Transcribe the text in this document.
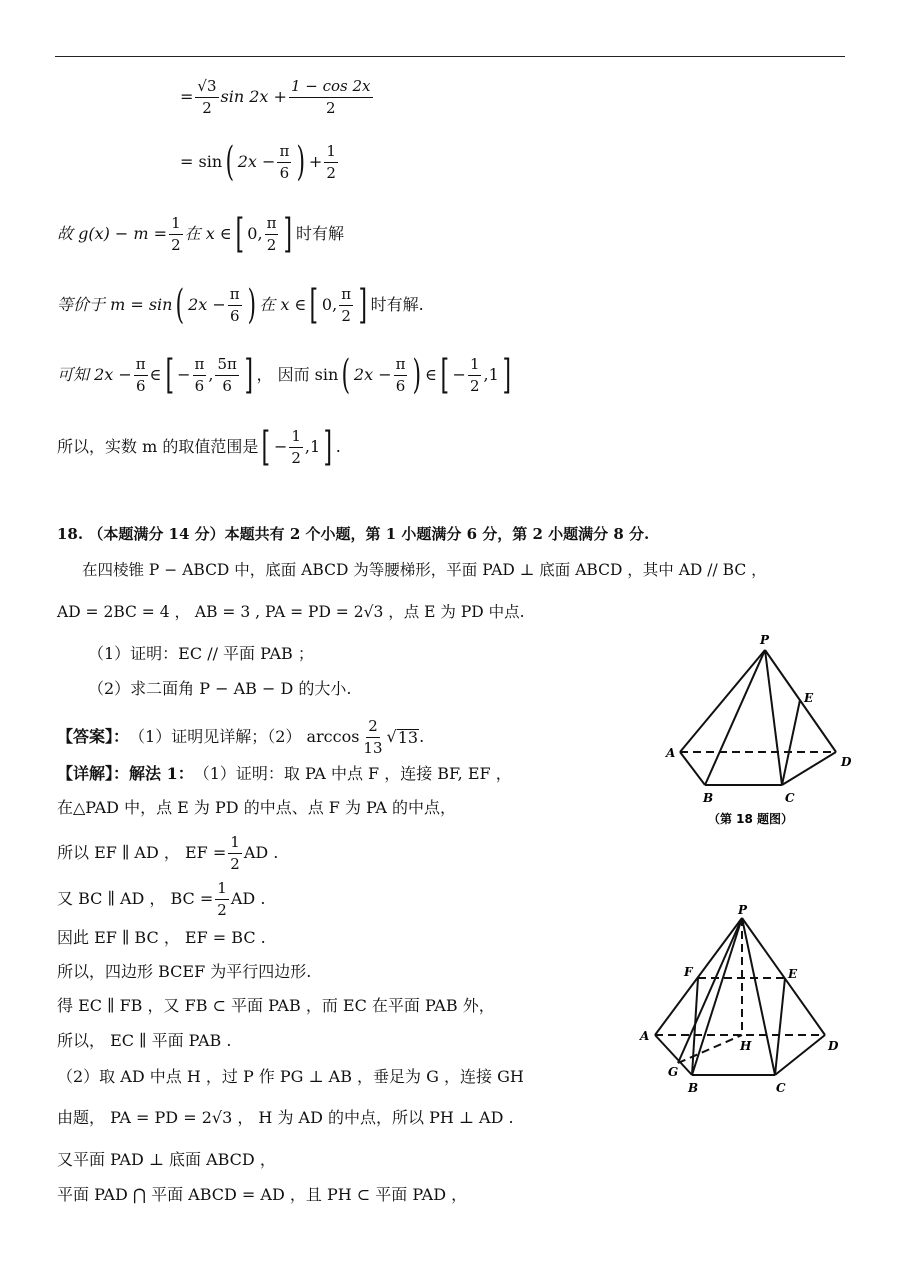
= $\frac{√3}{2}$ $\sin 2x + \frac{1 - \cos 2x}{2}$
= sin ( $2x - \frac{\pi}{6}$ ) + $\frac{1}{2}$
故 $g(x) - m = \frac{1}{2}$ 在 x ∈ [ 0, $\frac{\pi}{2}$ ] 时有解
等价于 m = sin ( $2x - \frac{\pi}{6}$ ) 在 x ∈ [ 0, $\frac{\pi}{2}$ ] 时有解.
可知 $2x - \frac{\pi}{6}$ ∈ [ − $\frac{\pi}{6}$ , $\frac{5\pi}{6}$ ] ， 因而 sin ( $2x - \frac{\pi}{6}$ ) ∈ [ − $\frac{1}{2} ,1$ ]
所以，实数 m 的取值范围是 [ − $\frac{1}{2} ,1$ ] .
18. （本题满分 14 分）本题共有 2 个小题，第 1 小题满分 6 分，第 2 小题满分 8 分.
在四棱锥 P − ABCD 中，底面 ABCD 为等腰梯形，平面 PAD ⊥ 底面 ABCD ，其中 AD // BC ，
AD = 2BC = 4 ， AB = 3 , PA = PD = 2√3 ，点 E 为 PD 中点.
（1）证明：EC // 平面 PAB ；
（2）求二面角 P − AB − D 的大小.
【答案】： （1）证明见详解；（2） $\arccos \frac{2}{13}$ √ 13 .
【详解】： 解法 1： （1）证明：取 PA 中点 F ，连接 BF, EF ，
在△PAD 中，点 E 为 PD 的中点、点 F 为 PA 的中点，
所以 EF ∥ AD ， EF = $\frac{1}{2}$ AD .
又 BC ∥ AD ， BC = $\frac{1}{2}$ AD .
因此 EF ∥ BC ， EF = BC .
所以，四边形 BCEF 为平行四边形.
得 EC ∥ FB ，又 FB ⊂ 平面 PAB ，而 EC 在平面 PAB 外，
所以， EC ∥ 平面 PAB .
（2）取 AD 中点 H ，过 P 作 PG ⊥ AB ，垂足为 G ，连接 GH
由题， PA = PD = 2√3 ， H 为 AD 的中点，所以 PH ⊥ AD .
又平面 PAD ⊥ 底面 ABCD ，
平面 PAD ⋂ 平面 ABCD = AD ，且 PH ⊂ 平面 PAD ，
P
E
A
D
B	C
（第 18 题图）
P
F	E
A
H	D
G
B	C
